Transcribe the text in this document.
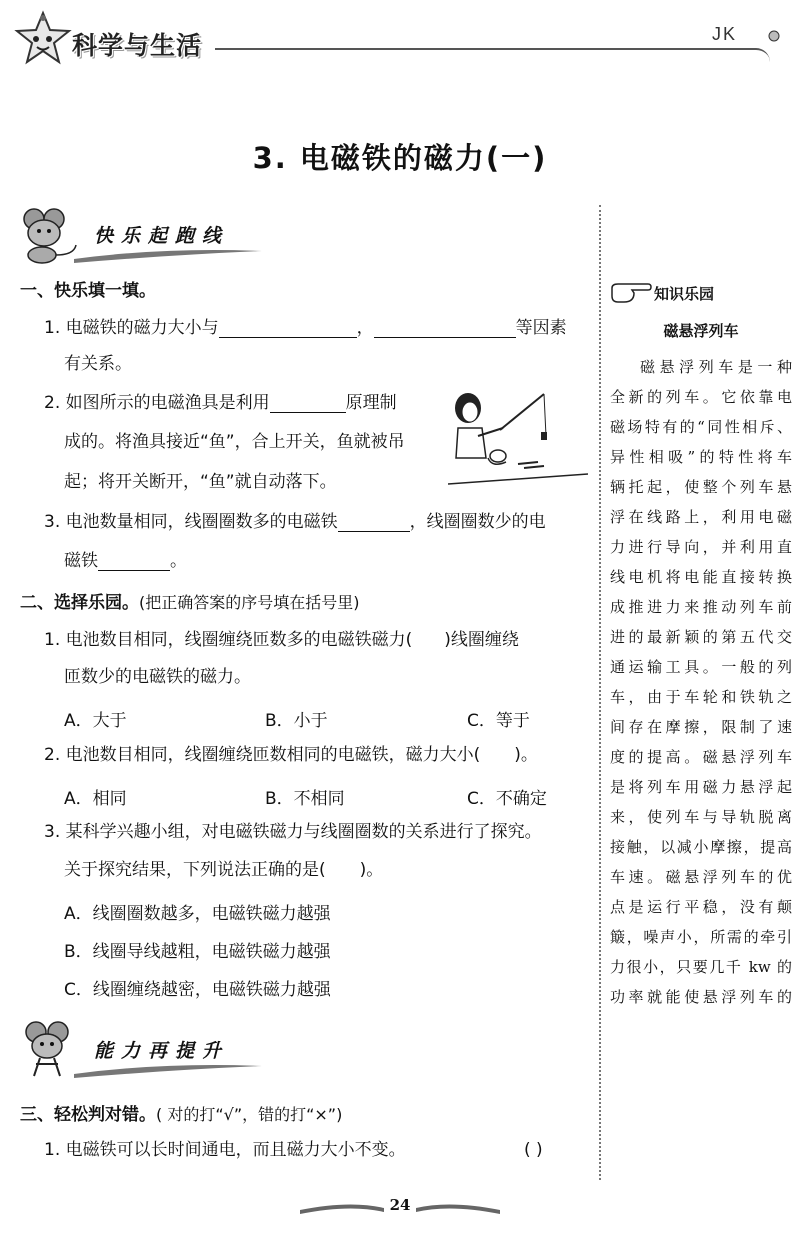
科学与生活	JK
3. 电磁铁的磁力(一)
快乐起跑线
一、快乐填一填。
1. 电磁铁的磁力大小与	，	等因素
有关系。
2. 如图所示的电磁渔具是利用	原理制
成的。将渔具接近“鱼”，合上开关，鱼就被吊
起；将开关断开，“鱼”就自动落下。
3. 电池数量相同，线圈圈数多的电磁铁	，线圈圈数少的电
磁铁	。
二、选择乐园。(把正确答案的序号填在括号里)
1. 电池数目相同，线圈缠绕匝数多的电磁铁磁力( )线圈缠绕
匝数少的电磁铁的磁力。
A．大于	B．小于	C．等于
2. 电池数目相同，线圈缠绕匝数相同的电磁铁，磁力大小( )。
A．相同	B．不相同	C．不确定
3. 某科学兴趣小组，对电磁铁磁力与线圈圈数的关系进行了探究。
关于探究结果，下列说法正确的是( )。
A．线圈圈数越多，电磁铁磁力越强
B．线圈导线越粗，电磁铁磁力越强
C．线圈缠绕越密，电磁铁磁力越强
能力再提升
三、轻松判对错。( 对的打“√”，错的打“×”)
1. 电磁铁可以长时间通电，而且磁力大小不变。	( )
知识乐园
磁悬浮列车
磁悬浮列车是一种
全新的列车。它依靠电
磁场特有的“同性相斥、
异性相吸”的特性将车
辆托起，使整个列车悬
浮在线路上，利用电磁
力进行导向，并利用直
线电机将电能直接转换
成推进力来推动列车前
进的最新颖的第五代交
通运输工具。一般的列
车，由于车轮和铁轨之
间存在摩擦，限制了速
度的提高。磁悬浮列车
是将列车用磁力悬浮起
来，使列车与导轨脱离
接触，以减小摩擦，提高
车速。磁悬浮列车的优
点是运行平稳，没有颠
簸，噪声小，所需的牵引
力很小，只要几千 kw 的
功率就能使悬浮列车的
24
